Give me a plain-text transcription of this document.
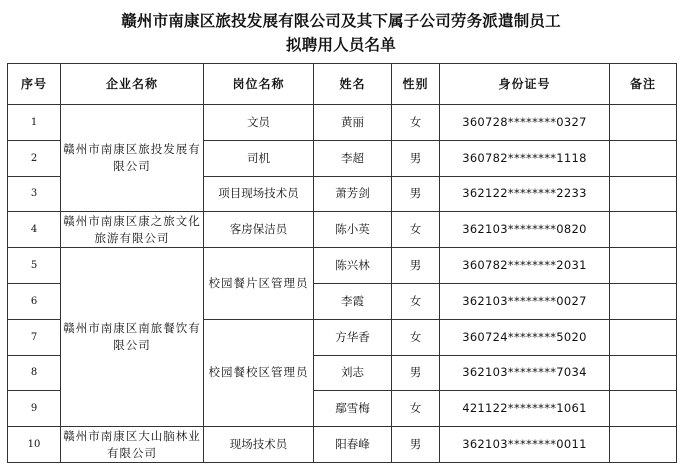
赣州市南康区旅投发展有限公司及其下属子公司劳务派遣制员工
拟聘用人员名单
序号	企业名称	岗位名称	姓名	性别	身份证号	备注
1	赣州市南康区旅投发展有限公司	文员	黄丽	女	360728********0327	
2		司机	李超	男	360782********1118	
3		项目现场技术员	萧芳剑	男	362122********2233	
4	赣州市南康区康之旅文化旅游有限公司	客房保洁员	陈小英	女	362103********0820	
5	赣州市南康区南旅餐饮有限公司	校园餐片区管理员	陈兴林	男	360782********2031	
6			李霞	女	362103********0027	
7		校园餐校区管理员	方华香	女	360724********5020	
8			刘志	男	362103********7034	
9			鄢雪梅	女	421122********1061	
10	赣州市南康区大山脑林业有限公司	现场技术员	阳春峰	男	362103********0011	
